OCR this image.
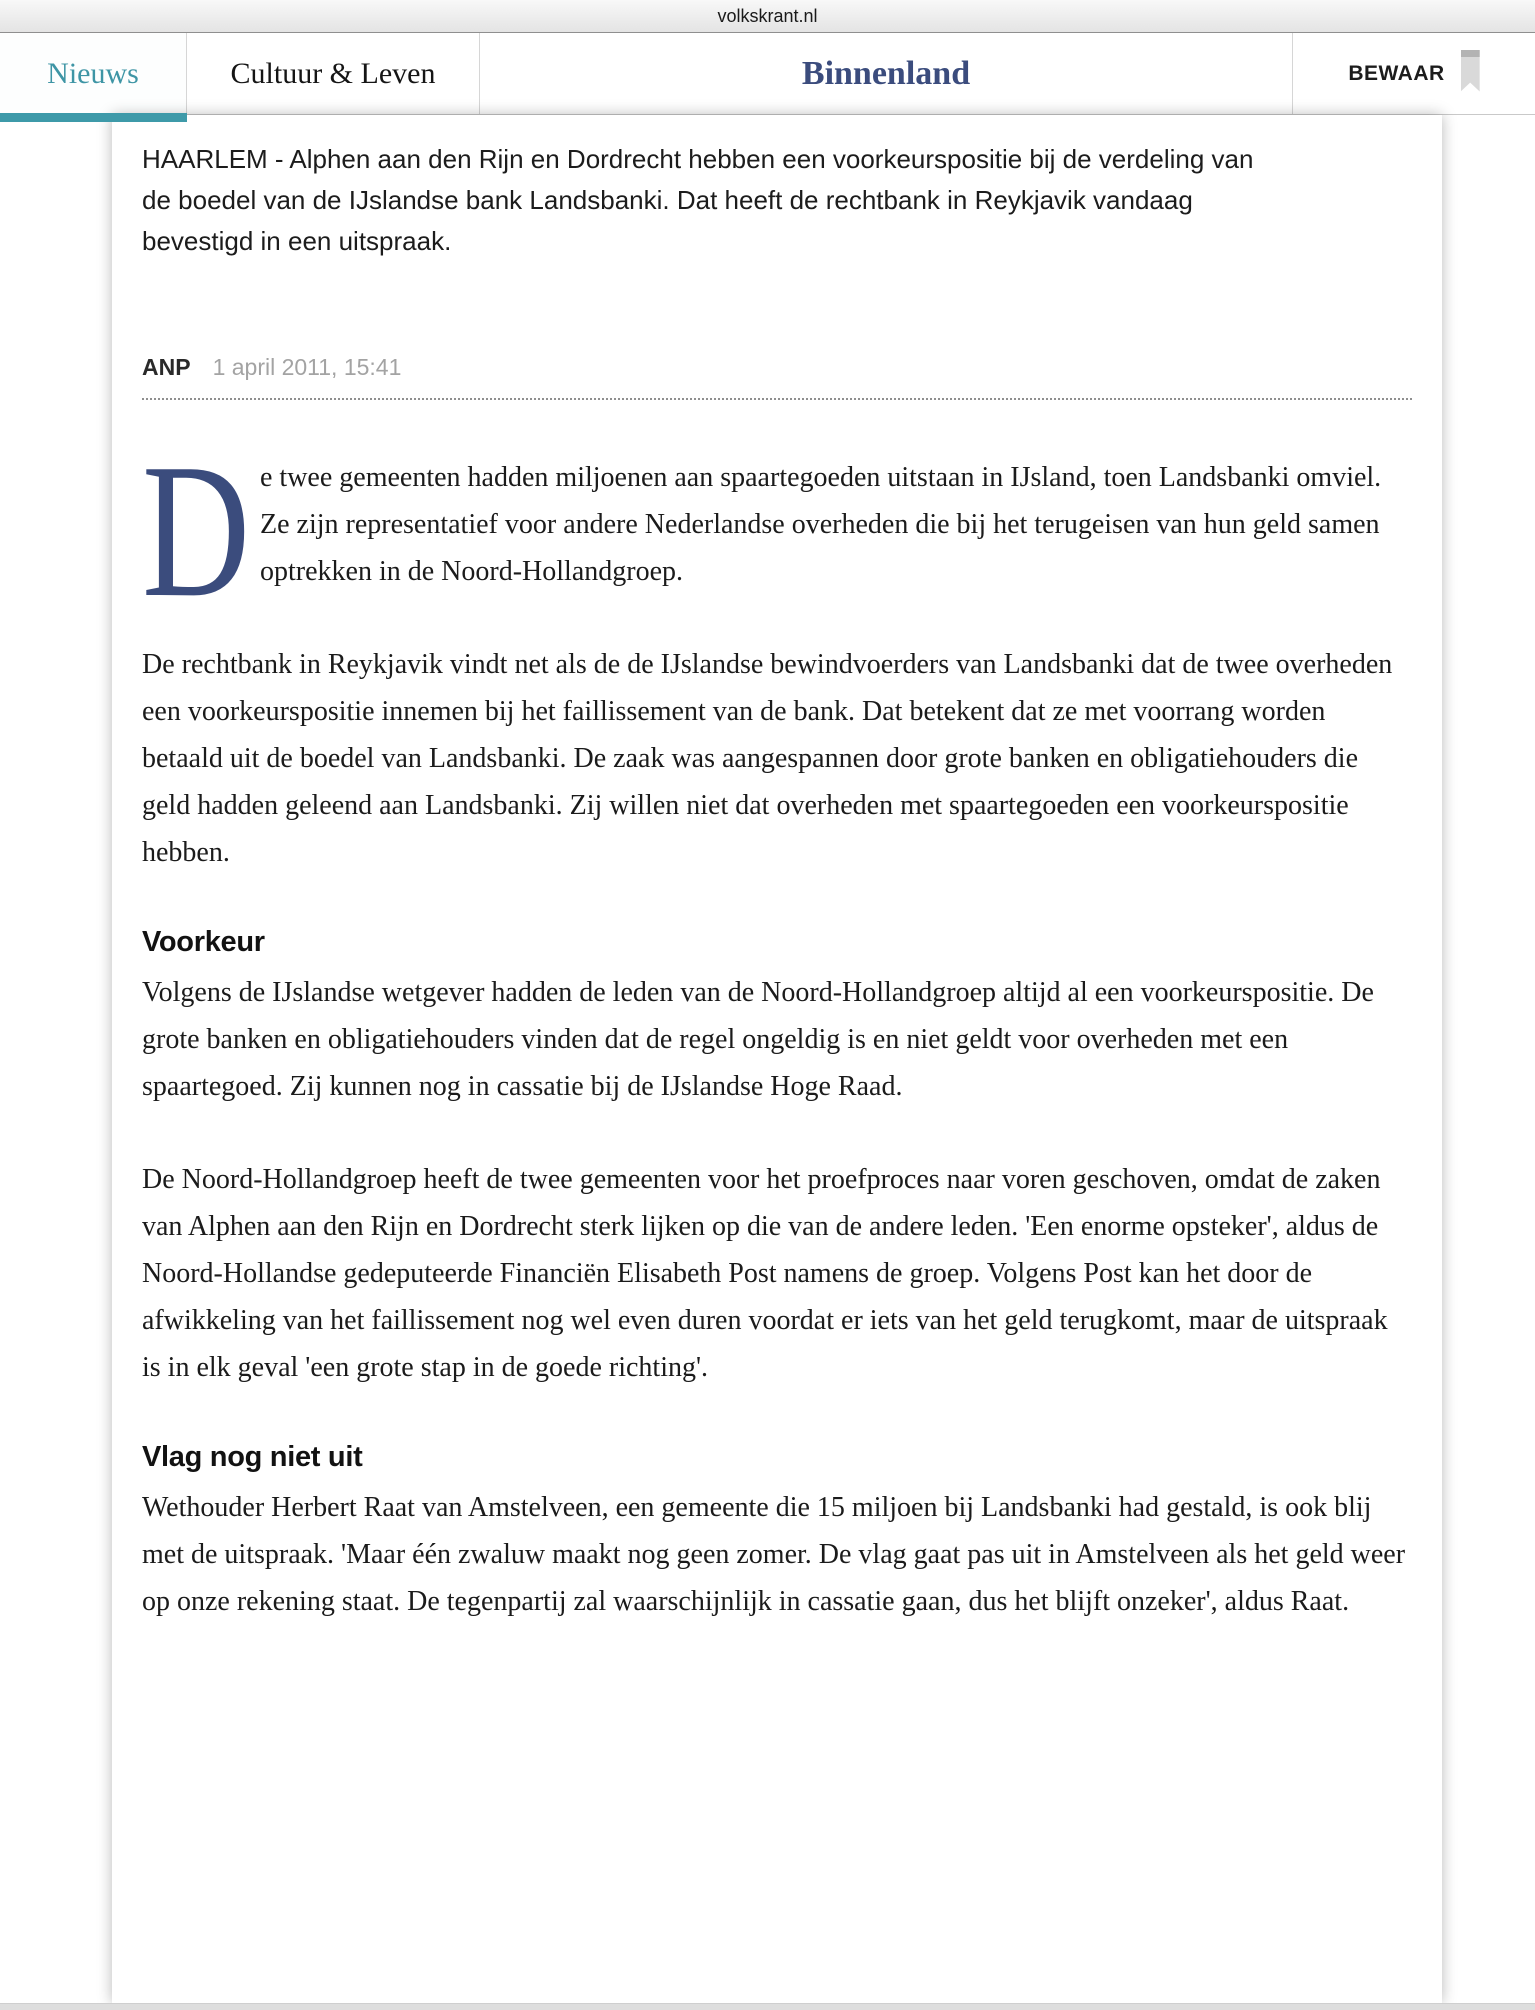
volkskrant.nl
Nieuws	Cultuur & Leven	Binnenland	BEWAAR

HAARLEM - Alphen aan den Rijn en Dordrecht hebben een voorkeurspositie bij de verdeling van de boedel van de IJslandse bank Landsbanki. Dat heeft de rechtbank in Reykjavik vandaag bevestigd in een uitspraak.

ANP 1 april 2011, 15:41

De twee gemeenten hadden miljoenen aan spaartegoeden uitstaan in IJsland, toen Landsbanki omviel. Ze zijn representatief voor andere Nederlandse overheden die bij het terugeisen van hun geld samen optrekken in de Noord-Hollandgroep.

De rechtbank in Reykjavik vindt net als de de IJslandse bewindvoerders van Landsbanki dat de twee overheden een voorkeurspositie innemen bij het faillissement van de bank. Dat betekent dat ze met voorrang worden betaald uit de boedel van Landsbanki. De zaak was aangespannen door grote banken en obligatiehouders die geld hadden geleend aan Landsbanki. Zij willen niet dat overheden met spaartegoeden een voorkeurspositie hebben.

Voorkeur

Volgens de IJslandse wetgever hadden de leden van de Noord-Hollandgroep altijd al een voorkeurspositie. De grote banken en obligatiehouders vinden dat de regel ongeldig is en niet geldt voor overheden met een spaartegoed. Zij kunnen nog in cassatie bij de IJslandse Hoge Raad.

De Noord-Hollandgroep heeft de twee gemeenten voor het proefproces naar voren geschoven, omdat de zaken van Alphen aan den Rijn en Dordrecht sterk lijken op die van de andere leden. 'Een enorme opsteker', aldus de Noord-Hollandse gedeputeerde Financiën Elisabeth Post namens de groep. Volgens Post kan het door de afwikkeling van het faillissement nog wel even duren voordat er iets van het geld terugkomt, maar de uitspraak is in elk geval 'een grote stap in de goede richting'.

Vlag nog niet uit

Wethouder Herbert Raat van Amstelveen, een gemeente die 15 miljoen bij Landsbanki had gestald, is ook blij met de uitspraak. 'Maar één zwaluw maakt nog geen zomer. De vlag gaat pas uit in Amstelveen als het geld weer op onze rekening staat. De tegenpartij zal waarschijnlijk in cassatie gaan, dus het blijft onzeker', aldus Raat.
